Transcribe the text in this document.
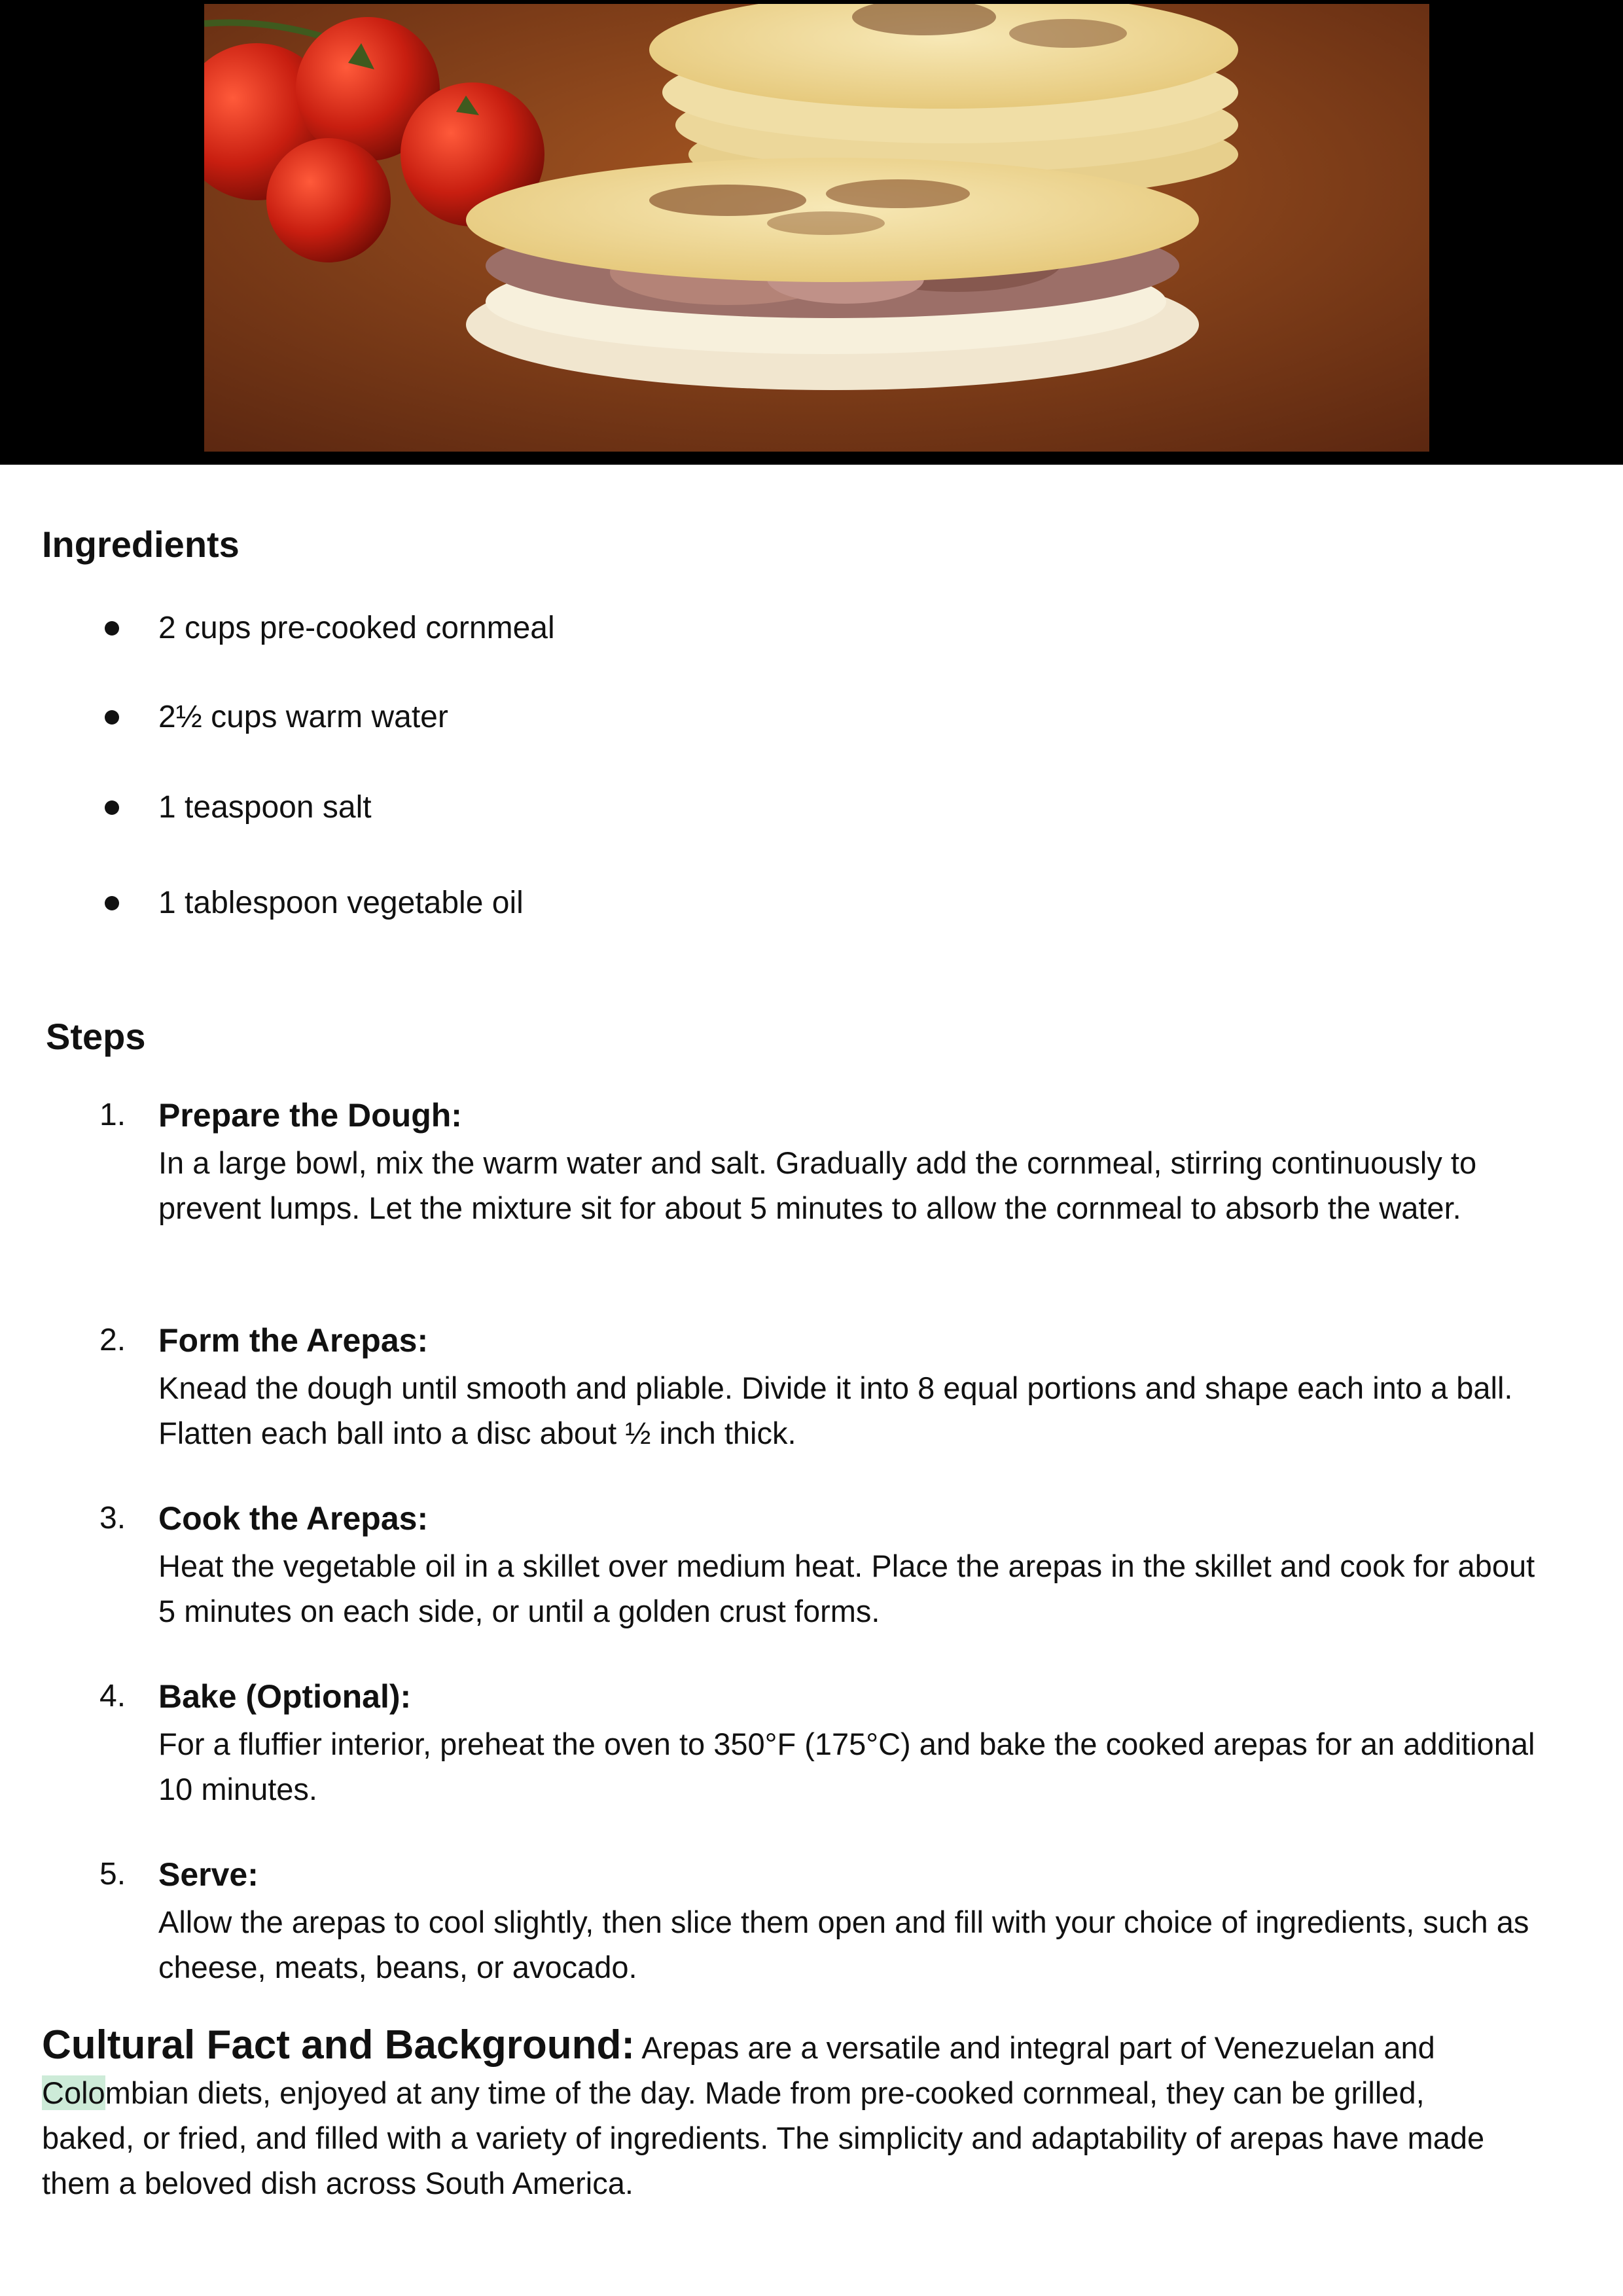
Ingredients
2 cups pre-cooked cornmeal
2½ cups warm water
1 teaspoon salt
1 tablespoon vegetable oil
Steps
1. Prepare the Dough:

In a large bowl, mix the warm water and salt. Gradually add the cornmeal, stirring continuously to prevent lumps. Let the mixture sit for about 5 minutes to allow the cornmeal to absorb the water.

2. Form the Arepas:

Knead the dough until smooth and pliable. Divide it into 8 equal portions and shape each into a ball. Flatten each ball into a disc about ½ inch thick.

3. Cook the Arepas:

Heat the vegetable oil in a skillet over medium heat. Place the arepas in the skillet and cook for about 5 minutes on each side, or until a golden crust forms.

4. Bake (Optional):

For a fluffier interior, preheat the oven to 350°F (175°C) and bake the cooked arepas for an additional 10 minutes.

5. Serve:

Allow the arepas to cool slightly, then slice them open and fill with your choice of ingredients, such as cheese, meats, beans, or avocado.

Cultural Fact and Background: Arepas are a versatile and integral part of Venezuelan and Colombian diets, enjoyed at any time of the day. Made from pre-cooked cornmeal, they can be grilled, baked, or fried, and filled with a variety of ingredients. The simplicity and adaptability of arepas have made them a beloved dish across South America.
